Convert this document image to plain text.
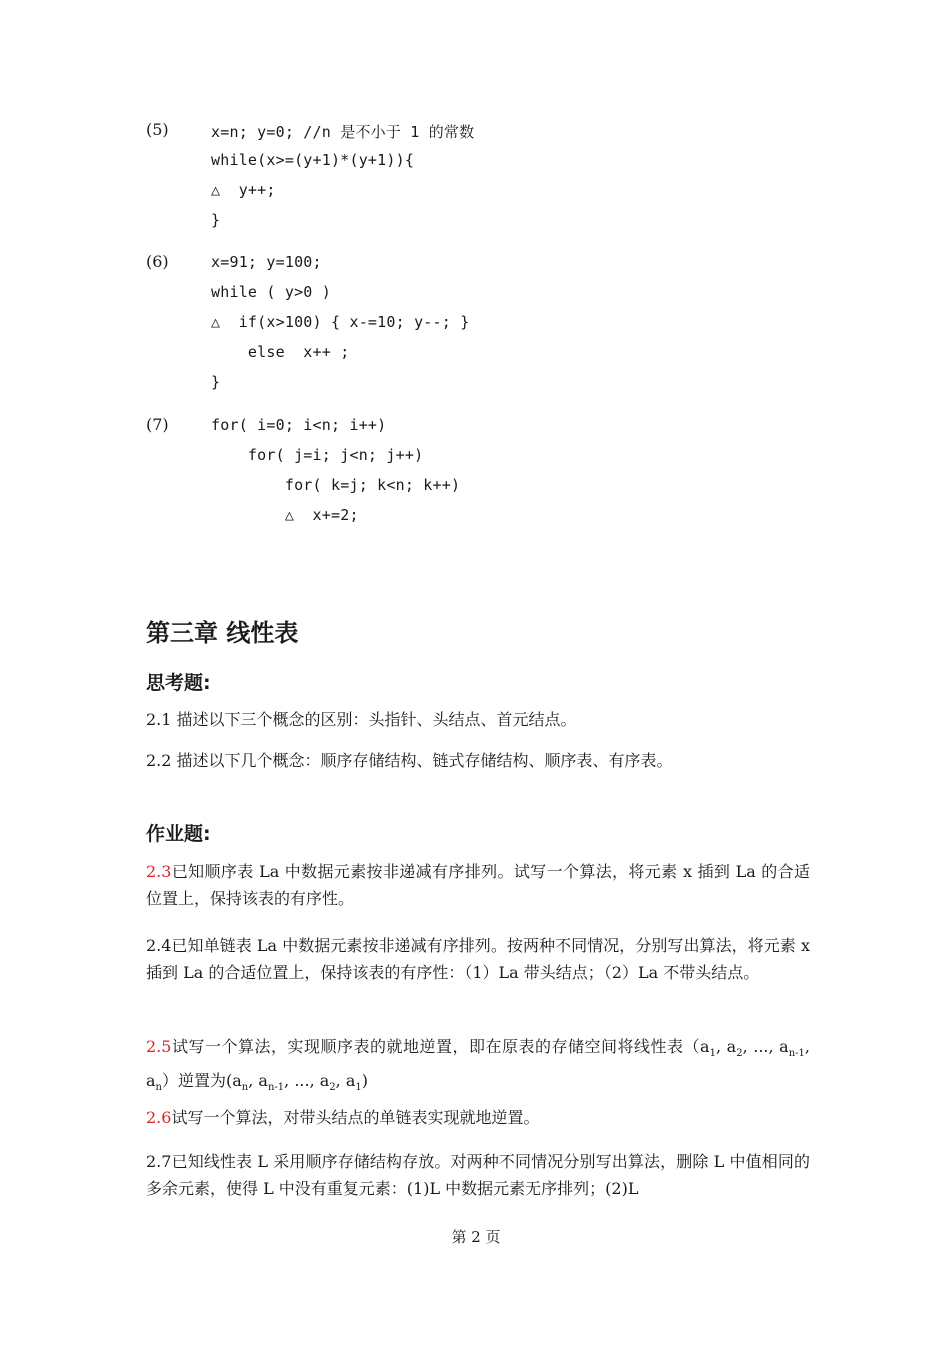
(5)	x=n; y=0; //n 是不小于 1 的常数
while(x>=(y+1)*(y+1)){
△  y++;
}
(6)	x=91; y=100;
while ( y>0 )
△  if(x>100) { x-=10; y--; }
else  x++ ;
}
(7)	for( i=0; i<n; i++)
for( j=i; j<n; j++)
for( k=j; k<n; k++)
△  x+=2;
第三章 线性表
思考题:

2.1 描述以下三个概念的区别：头指针、头结点、首元结点。

2.2 描述以下几个概念：顺序存储结构、链式存储结构、顺序表、有序表。

作业题:

2.3已知顺序表 La 中数据元素按非递减有序排列。试写一个算法，将元素 x 插到 La 的合适位置上，保持该表的有序性。

2.4已知单链表 La 中数据元素按非递减有序排列。按两种不同情况，分别写出算法，将元素 x 插到 La 的合适位置上，保持该表的有序性：（1）La 带头结点；（2）La 不带头结点。

2.5试写一个算法，实现顺序表的就地逆置，即在原表的存储空间将线性表（$a_1$, $a_2$, ..., $a_{n-1}$, $a_n$）逆置为($a_n$, $a_{n-1}$, ..., $a_2$, $a_1$)

2.6试写一个算法，对带头结点的单链表实现就地逆置。

2.7已知线性表 L 采用顺序存储结构存放。对两种不同情况分别写出算法，删除 L 中值相同的多余元素，使得 L 中没有重复元素：(1)L 中数据元素无序排列；(2)L

第 2 页
